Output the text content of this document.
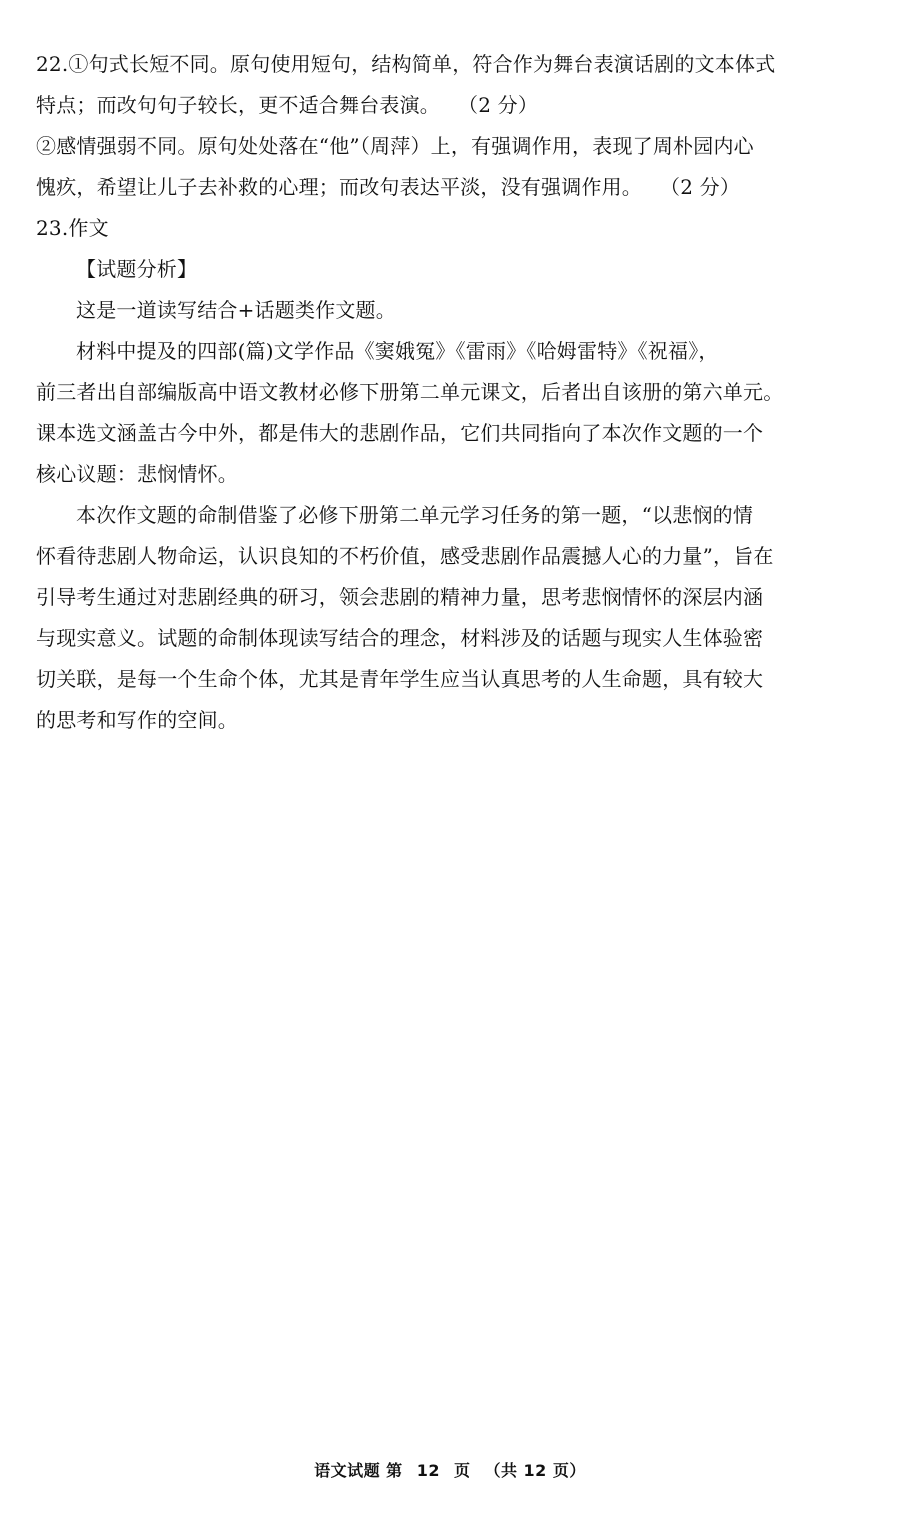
22.①句式长短不同。原句使用短句，结构简单，符合作为舞台表演话剧的文本体式
特点；而改句句子较长，更不适合舞台表演。 （2 分）
②感情强弱不同。原句处处落在“他”（周萍）上，有强调作用，表现了周朴园内心
愧疚，希望让儿子去补救的心理；而改句表达平淡，没有强调作用。 （2 分）
23.作文
【试题分析】
这是一道读写结合+话题类作文题。
材料中提及的四部(篇)文学作品《窦娥冤》《雷雨》《哈姆雷特》《祝福》，
前三者出自部编版高中语文教材必修下册第二单元课文，后者出自该册的第六单元。
课本选文涵盖古今中外，都是伟大的悲剧作品，它们共同指向了本次作文题的一个
核心议题：悲悯情怀。
本次作文题的命制借鉴了必修下册第二单元学习任务的第一题，“以悲悯的情
怀看待悲剧人物命运，认识良知的不朽价值，感受悲剧作品震撼人心的力量”，旨在
引导考生通过对悲剧经典的研习，领会悲剧的精神力量，思考悲悯情怀的深层内涵
与现实意义。试题的命制体现读写结合的理念，材料涉及的话题与现实人生体验密
切关联，是每一个生命个体，尤其是青年学生应当认真思考的人生命题，具有较大
的思考和写作的空间。
语文试题 第 12 页 （共 12 页）
